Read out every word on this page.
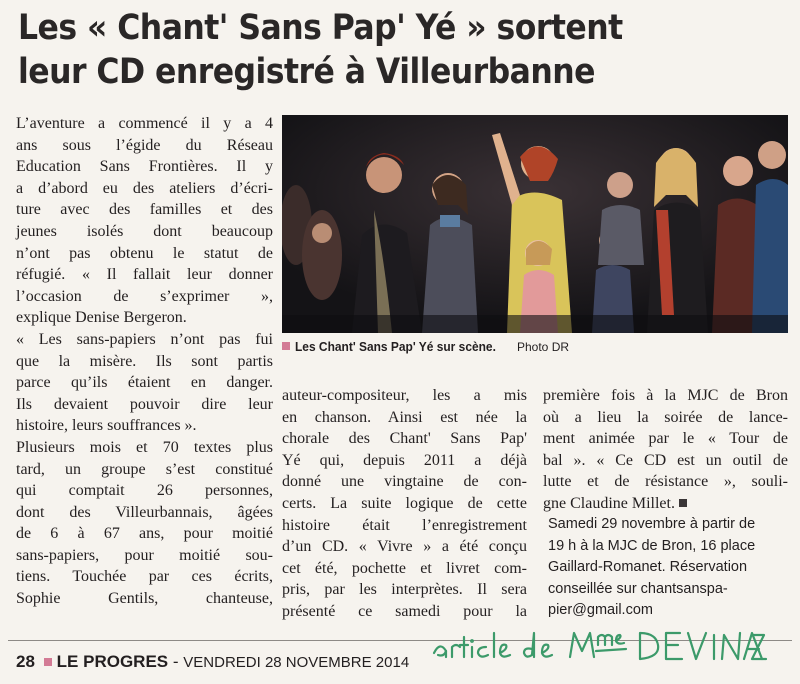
Les « Chant' Sans Pap' Yé » sortent
leur CD enregistré à Villeurbanne
Les Chant' Sans Pap' Yé sur scène. Photo DR
L’aventure a commencé il y a 4
ans sous l’égide du Réseau
Education Sans Frontières. Il y
a d’abord eu des ateliers d’écri-
ture avec des familles et des
jeunes isolés dont beaucoup
n’ont pas obtenu le statut de
réfugié. « Il fallait leur donner
l’occasion de s’exprimer »,
explique Denise Bergeron.
« Les sans-papiers n’ont pas fui
que la misère. Ils sont partis
parce qu’ils étaient en danger.
Ils devaient pouvoir dire leur
histoire, leurs souffrances ».
Plusieurs mois et 70 textes plus
tard, un groupe s’est constitué
qui comptait 26 personnes,
dont des Villeurbannais, âgées
de 6 à 67 ans, pour moitié
sans-papiers, pour moitié sou-
tiens. Touchée par ces écrits,
Sophie Gentils, chanteuse,
auteur-compositeur, les a mis
en chanson. Ainsi est née la
chorale des Chant' Sans Pap'
Yé qui, depuis 2011 a déjà
donné une vingtaine de con-
certs. La suite logique de cette
histoire était l’enregistrement
d’un CD. « Vivre » a été conçu
cet été, pochette et livret com-
pris, par les interprètes. Il sera
présenté ce samedi pour la
première fois à la MJC de Bron
où a lieu la soirée de lance-
ment animée par le « Tour de
bal ». « Ce CD est un outil de
lutte et de résistance », souli-
gne Claudine Millet.
Samedi 29 novembre à partir de
19 h à la MJC de Bron, 16 place
Gaillard-Romanet. Réservation
conseillée sur chantsanspa-
pier@gmail.com
28 LE PROGRES - VENDREDI 28 NOVEMBRE 2014
